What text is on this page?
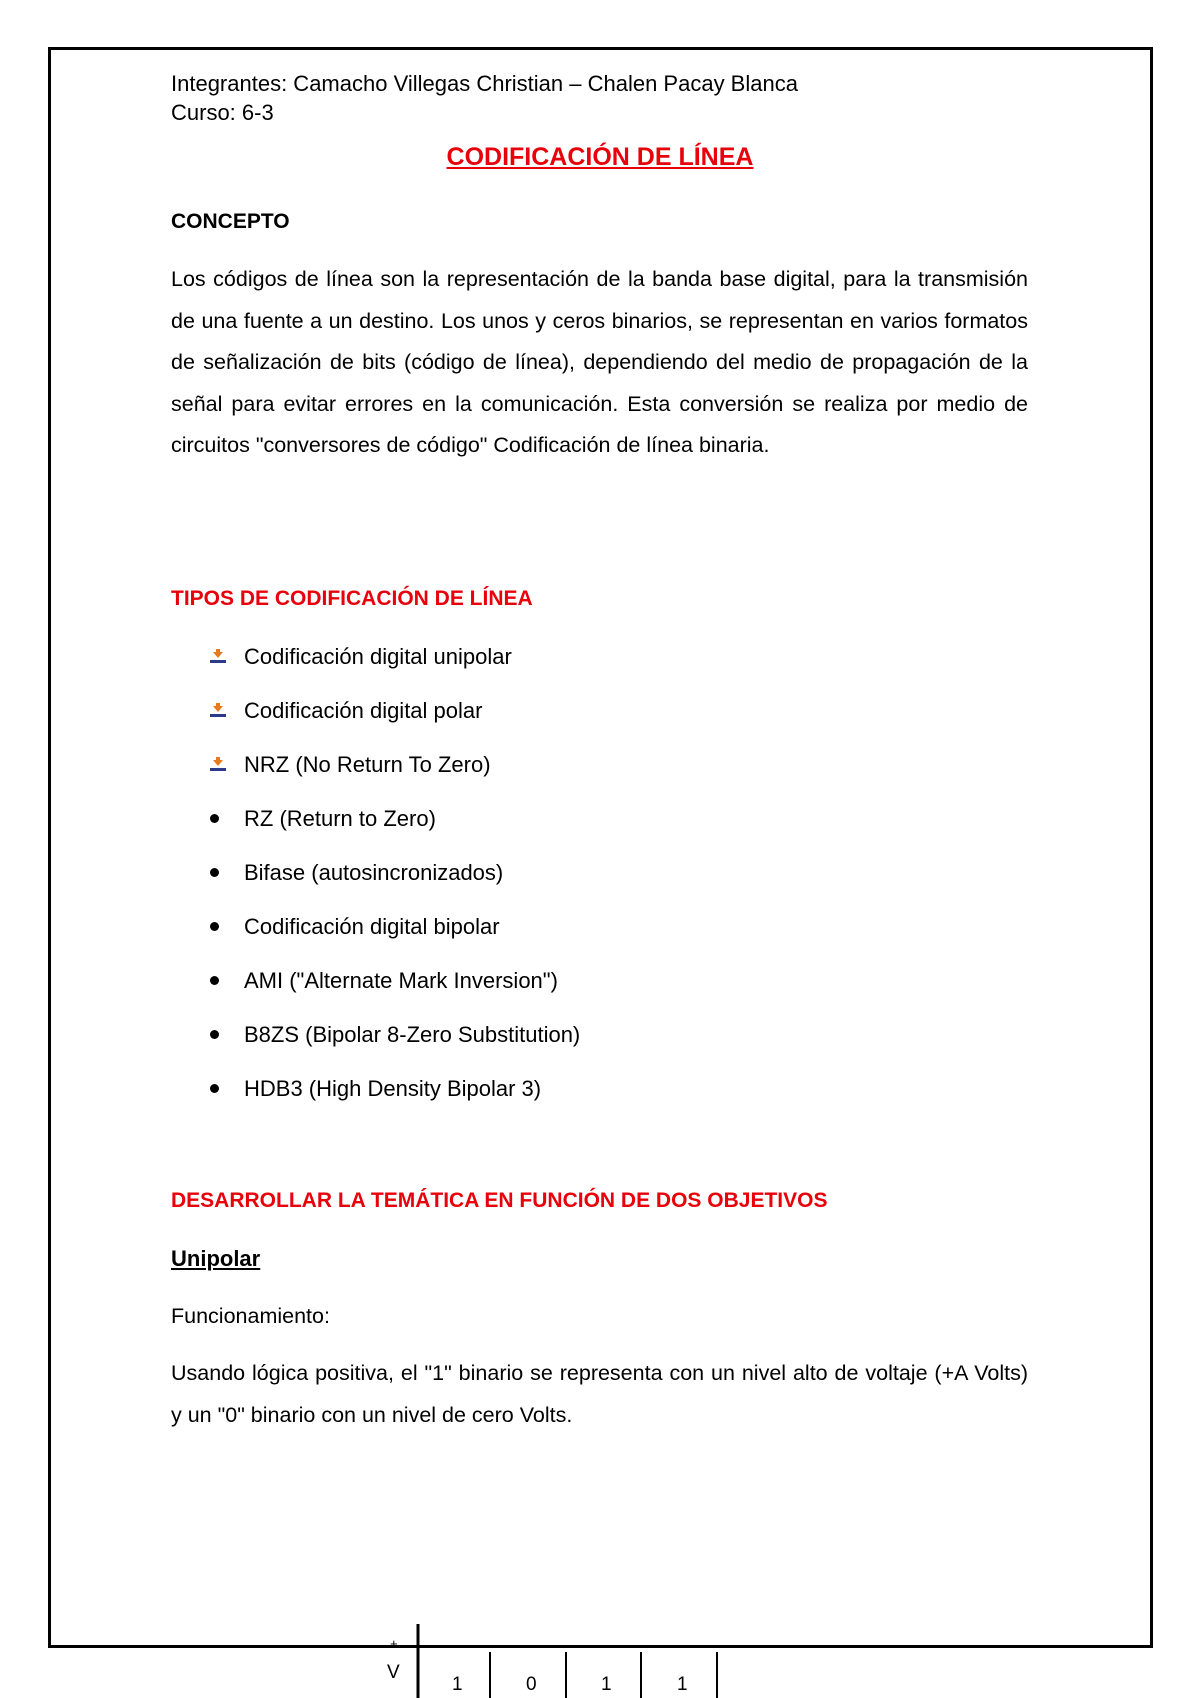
Integrantes: Camacho Villegas Christian – Chalen Pacay Blanca
Curso: 6-3
CODIFICACIÓN DE LÍNEA
CONCEPTO
Los códigos de línea son la representación de la banda base digital, para la transmisión de una fuente a un destino. Los unos y ceros binarios, se representan en varios formatos de señalización de bits (código de línea), dependiendo del medio de propagación de la señal para evitar errores en la comunicación. Esta conversión se realiza por medio de circuitos "conversores de código" Codificación de línea binaria.
TIPOS DE CODIFICACIÓN DE LÍNEA
Codificación digital unipolar
Codificación digital polar
NRZ (No Return To Zero)
RZ (Return to Zero)
Bifase (autosincronizados)
Codificación digital bipolar
AMI ("Alternate Mark Inversion")
B8ZS (Bipolar 8-Zero Substitution)
HDB3 (High Density Bipolar 3)
DESARROLLAR LA TEMÁTICA EN FUNCIÓN DE DOS OBJETIVOS
Unipolar
Funcionamiento:
Usando lógica positiva, el "1" binario se representa con un nivel alto de voltaje (+A Volts) y un "0" binario con un nivel de cero Volts.
+
V
1	0	1	1
